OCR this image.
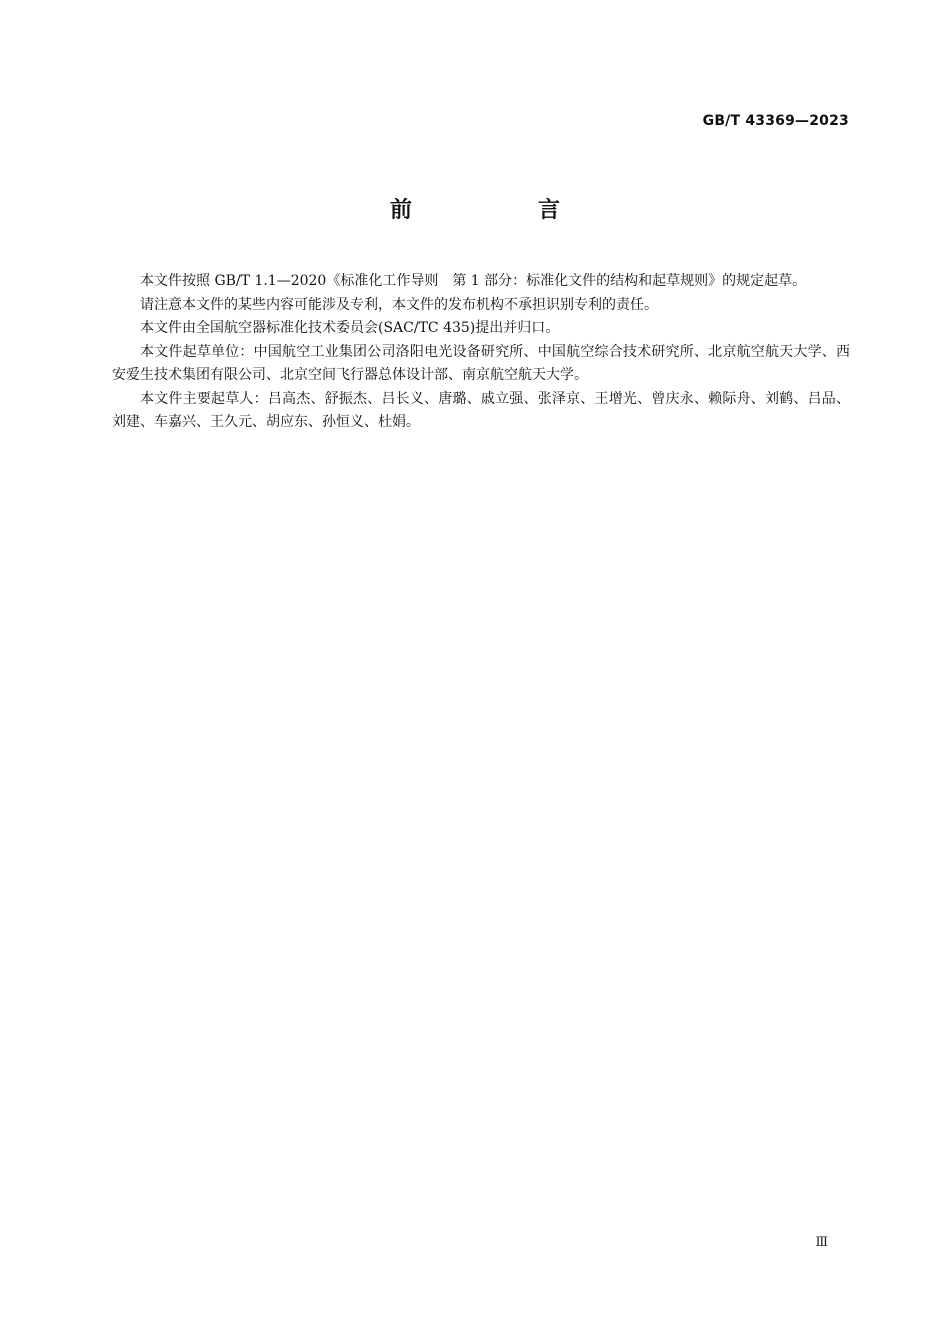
GB/T 43369—2023
前　言

本文件按照 GB/T 1.1—2020《标准化工作导则　第 1 部分：标准化文件的结构和起草规则》的规定起草。

请注意本文件的某些内容可能涉及专利，本文件的发布机构不承担识别专利的责任。

本文件由全国航空器标准化技术委员会(SAC/TC 435)提出并归口。

本文件起草单位：中国航空工业集团公司洛阳电光设备研究所、中国航空综合技术研究所、北京航空航天大学、西安爱生技术集团有限公司、北京空间飞行器总体设计部、南京航空航天大学。

本文件主要起草人：吕高杰、舒振杰、吕长义、唐璐、戚立强、张泽京、王增光、曾庆永、赖际舟、刘鹤、吕品、刘建、车嘉兴、王久元、胡应东、孙恒义、杜娟。

Ⅲ
